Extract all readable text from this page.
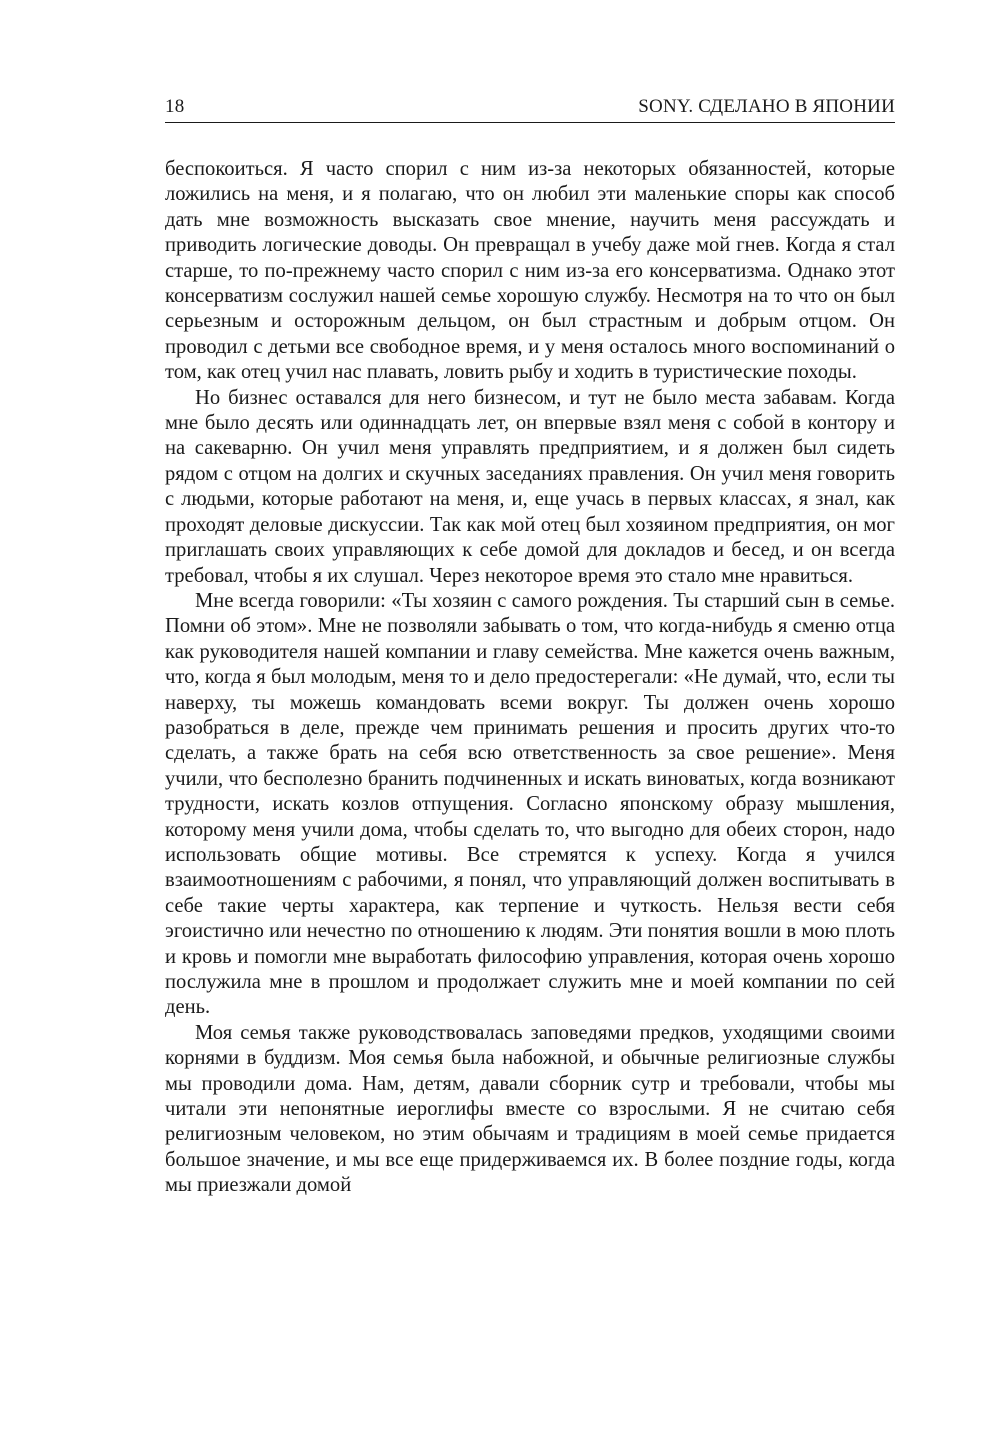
18	SONY. СДЕЛАНО В ЯПОНИИ

беспокоиться. Я часто спорил с ним из-за некоторых обязанностей, которые ложились на меня, и я полагаю, что он любил эти маленькие споры как способ дать мне возможность высказать свое мнение, научить меня рассуждать и приводить логические доводы. Он превращал в учебу даже мой гнев. Когда я стал старше, то по-прежнему часто спорил с ним из-за его консерватизма. Однако этот консерватизм сослужил нашей семье хорошую службу. Несмотря на то что он был серьезным и осторожным дельцом, он был страстным и добрым отцом. Он проводил с детьми все свободное время, и у меня осталось много воспоминаний о том, как отец учил нас плавать, ловить рыбу и ходить в туристические походы.

Но бизнес оставался для него бизнесом, и тут не было места забавам. Когда мне было десять или одиннадцать лет, он впервые взял меня с собой в контору и на сакеварню. Он учил меня управлять предприятием, и я должен был сидеть рядом с отцом на долгих и скучных заседаниях правления. Он учил меня говорить с людьми, которые работают на меня, и, еще учась в первых классах, я знал, как проходят деловые дискуссии. Так как мой отец был хозяином предприятия, он мог приглашать своих управляющих к себе домой для докладов и бесед, и он всегда требовал, чтобы я их слушал. Через некоторое время это стало мне нравиться.

Мне всегда говорили: «Ты хозяин с самого рождения. Ты старший сын в семье. Помни об этом». Мне не позволяли забывать о том, что когда-нибудь я сменю отца как руководителя нашей компании и главу семейства. Мне кажется очень важным, что, когда я был молодым, меня то и дело предостерегали: «Не думай, что, если ты наверху, ты можешь командовать всеми вокруг. Ты должен очень хорошо разобраться в деле, прежде чем принимать решения и просить других что-то сделать, а также брать на себя всю ответственность за свое решение». Меня учили, что бесполезно бранить подчиненных и искать виноватых, когда возникают трудности, искать козлов отпущения. Согласно японскому образу мышления, которому меня учили дома, чтобы сделать то, что выгодно для обеих сторон, надо использовать общие мотивы. Все стремятся к успеху. Когда я учился взаимоотношениям с рабочими, я понял, что управляющий должен воспитывать в себе такие черты характера, как терпение и чуткость. Нельзя вести себя эгоистично или нечестно по отношению к людям. Эти понятия вошли в мою плоть и кровь и помогли мне выработать философию управления, которая очень хорошо послужила мне в прошлом и продолжает служить мне и моей компании по сей день.

Моя семья также руководствовалась заповедями предков, уходящими своими корнями в буддизм. Моя семья была набожной, и обычные религиозные службы мы проводили дома. Нам, детям, давали сборник сутр и требовали, чтобы мы читали эти непонятные иероглифы вместе со взрослыми. Я не считаю себя религиозным человеком, но этим обычаям и традициям в моей семье придается большое значение, и мы все еще придерживаемся их. В более поздние годы, когда мы приезжали домой
